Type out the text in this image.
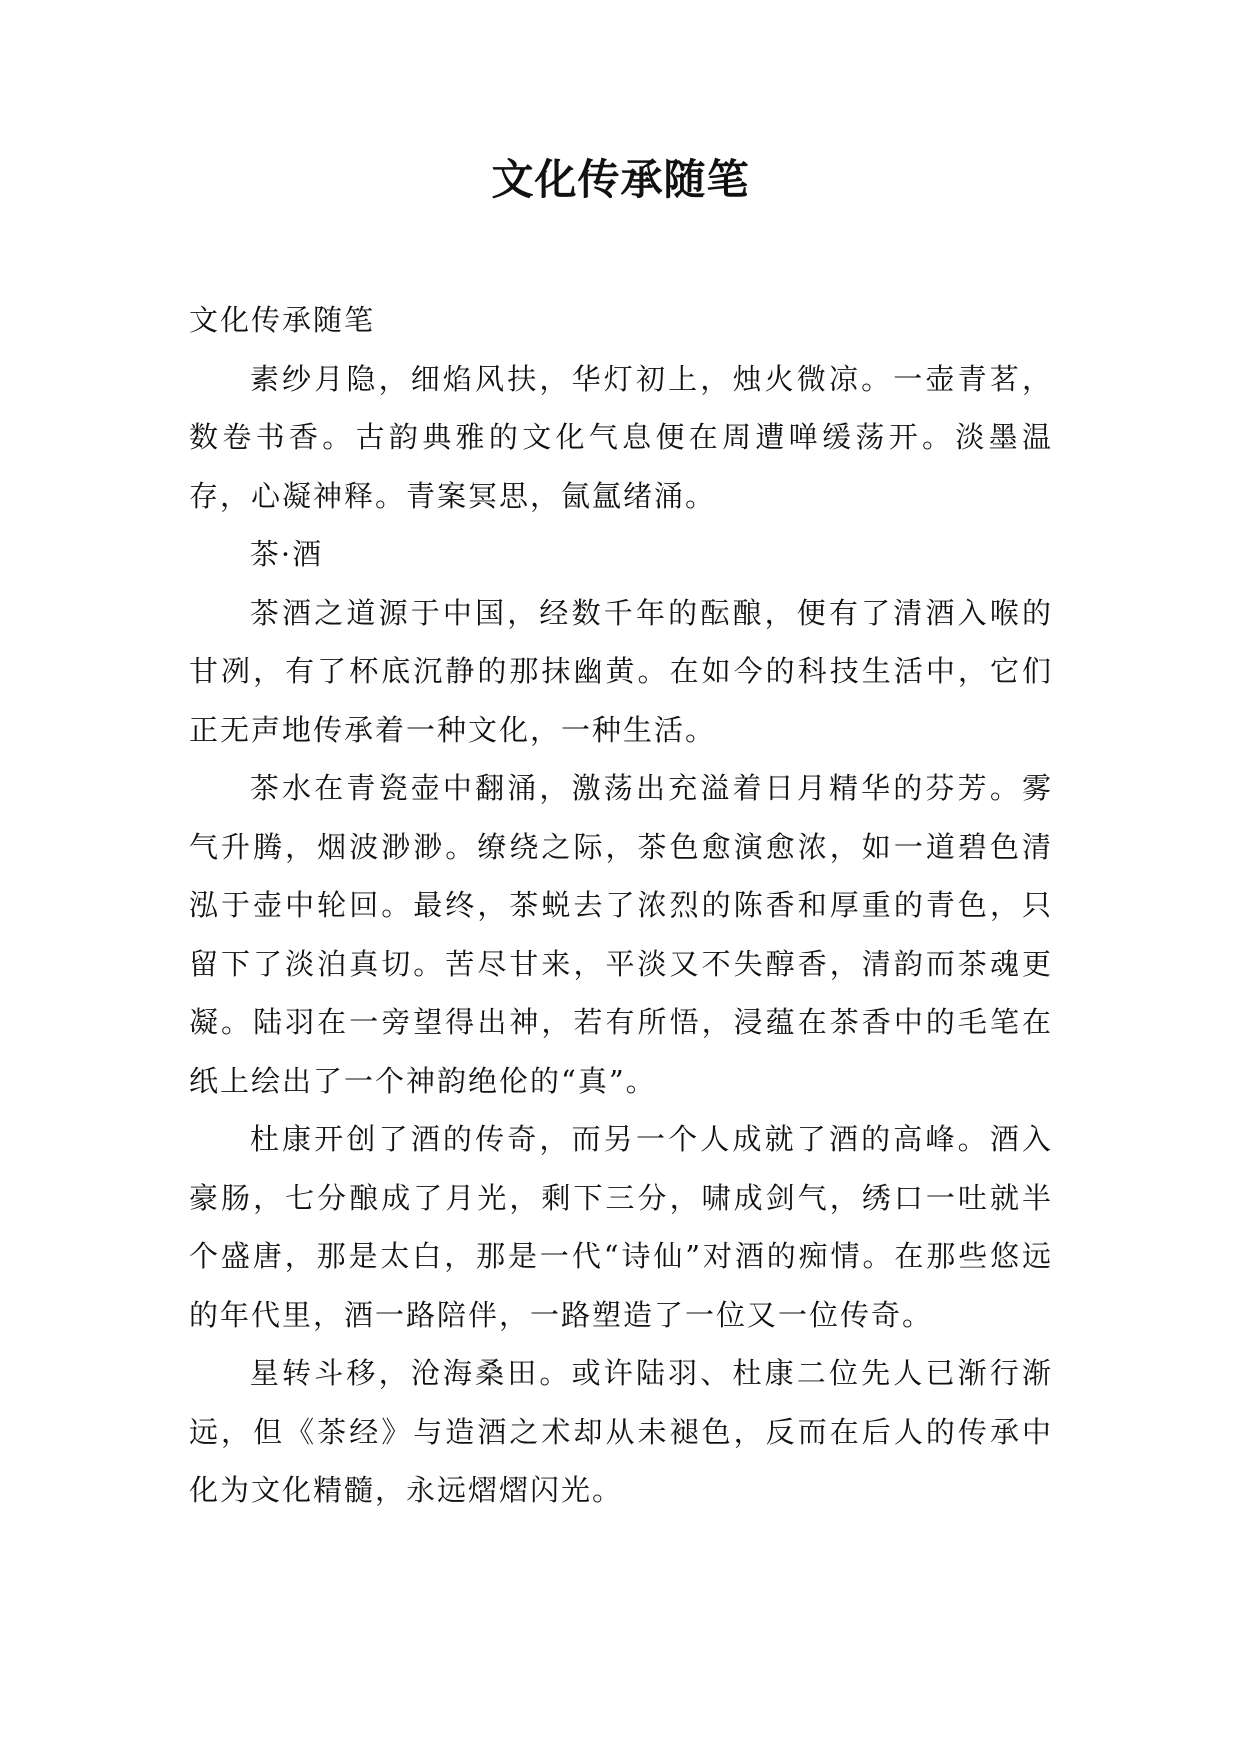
文化传承随笔

文化传承随笔

素纱月隐，细焰风扶，华灯初上，烛火微凉。一壶青茗，数卷书香。古韵典雅的文化气息便在周遭啴缓荡开。淡墨温存，心凝神释。青案冥思，氤氲绪涌。

茶·酒

茶酒之道源于中国，经数千年的酝酿，便有了清酒入喉的甘冽，有了杯底沉静的那抹幽黄。在如今的科技生活中，它们正无声地传承着一种文化，一种生活。

茶水在青瓷壶中翻涌，激荡出充溢着日月精华的芬芳。雾气升腾，烟波渺渺。缭绕之际，茶色愈演愈浓，如一道碧色清泓于壶中轮回。最终，茶蜕去了浓烈的陈香和厚重的青色，只留下了淡泊真切。苦尽甘来，平淡又不失醇香，清韵而茶魂更凝。陆羽在一旁望得出神，若有所悟，浸蕴在茶香中的毛笔在纸上绘出了一个神韵绝伦的“真”。

杜康开创了酒的传奇，而另一个人成就了酒的高峰。酒入豪肠，七分酿成了月光，剩下三分，啸成剑气，绣口一吐就半个盛唐，那是太白，那是一代“诗仙”对酒的痴情。在那些悠远的年代里，酒一路陪伴，一路塑造了一位又一位传奇。

星转斗移，沧海桑田。或许陆羽、杜康二位先人已渐行渐远，但《茶经》与造酒之术却从未褪色，反而在后人的传承中化为文化精髓，永远熠熠闪光。
